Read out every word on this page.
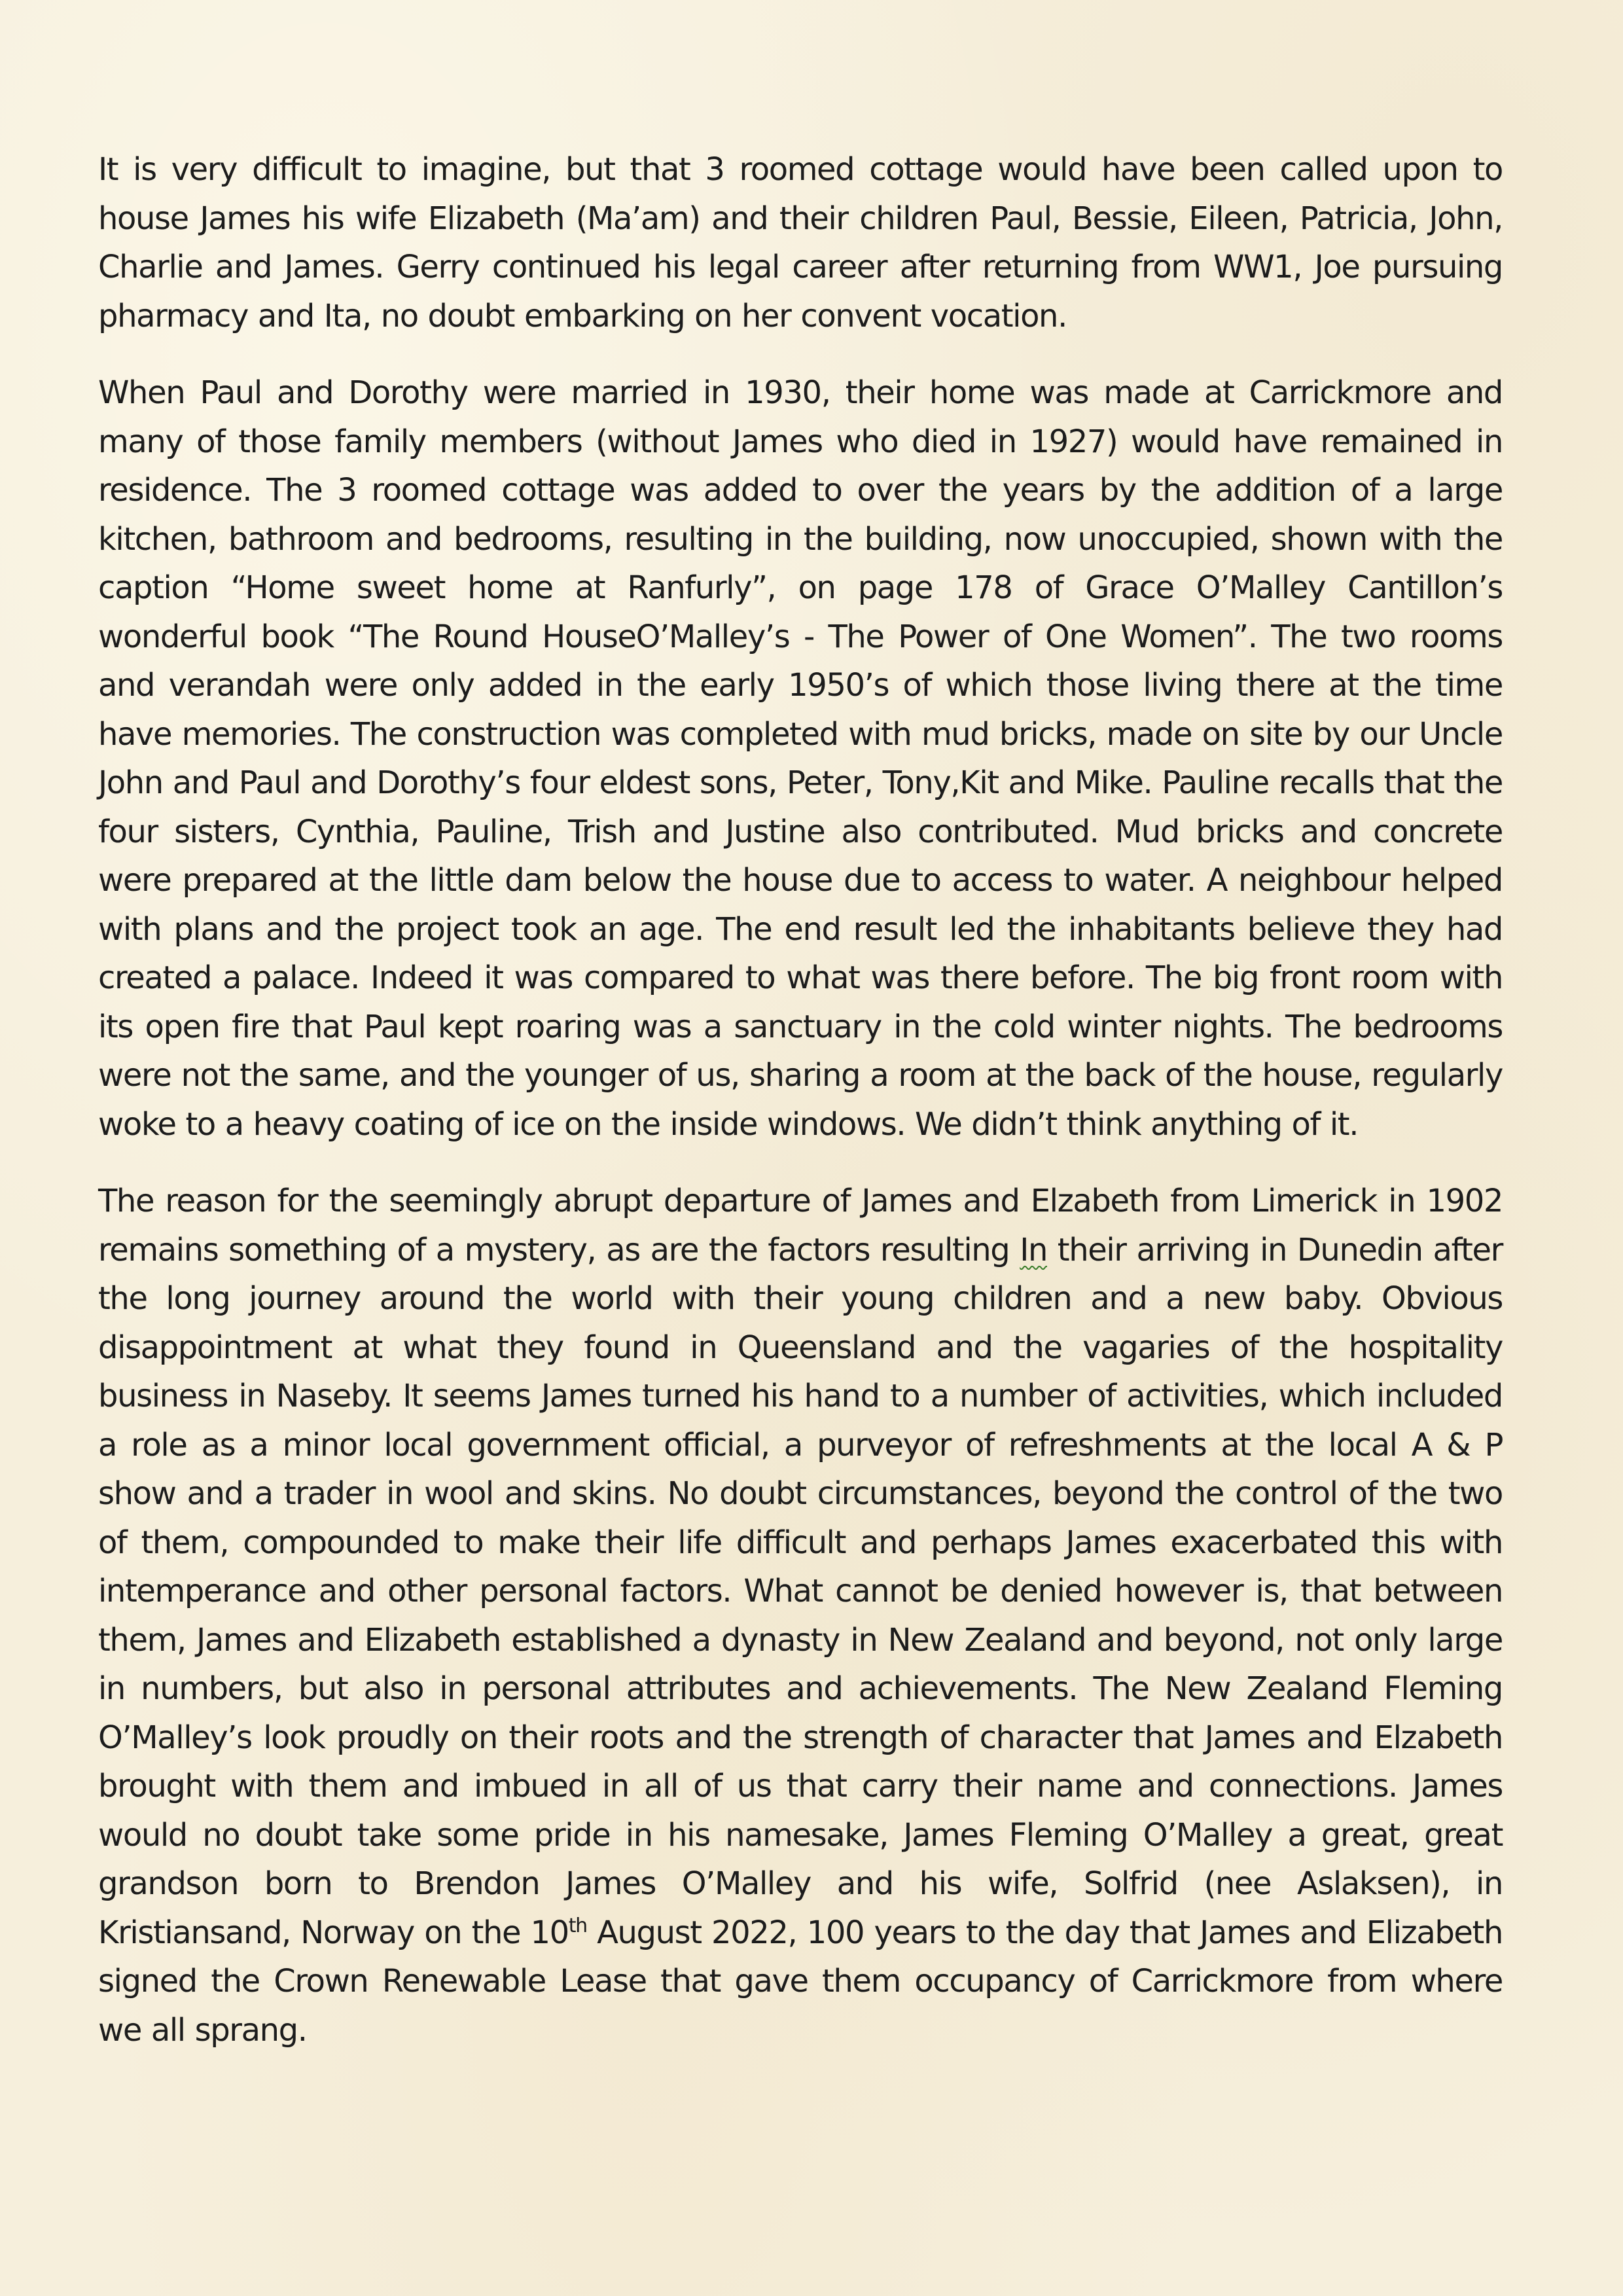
It is very difficult to imagine, but that 3 roomed cottage would have been called upon to house James his wife Elizabeth (Ma’am) and their children Paul, Bessie, Eileen, Patricia, John, Charlie and James. Gerry continued his legal career after returning from WW1, Joe pursuing pharmacy and Ita, no doubt embarking on her convent vocation.

When Paul and Dorothy were married in 1930, their home was made at Carrickmore and many of those family members (without James who died in 1927) would have remained in residence. The 3 roomed cottage was added to over the years by the addition of a large kitchen, bathroom and bedrooms, resulting in the building, now unoccupied, shown with the caption “Home sweet home at Ranfurly”, on page 178 of Grace O’Malley Cantillon’s wonderful book “The Round HouseO’Malley’s - The Power of One Women”. The two rooms and verandah were only added in the early 1950’s of which those living there at the time have memories. The construction was completed with mud bricks, made on site by our Uncle John and Paul and Dorothy’s four eldest sons, Peter, Tony,Kit and Mike. Pauline recalls that the four sisters, Cynthia, Pauline, Trish and Justine also contributed. Mud bricks and concrete were prepared at the little dam below the house due to access to water. A neighbour helped with plans and the project took an age. The end result led the inhabitants believe they had created a palace. Indeed it was compared to what was there before. The big front room with its open fire that Paul kept roaring was a sanctuary in the cold winter nights. The bedrooms were not the same, and the younger of us, sharing a room at the back of the house, regularly woke to a heavy coating of ice on the inside windows. We didn’t think anything of it.

The reason for the seemingly abrupt departure of James and Elzabeth from Limerick in 1902 remains something of a mystery, as are the factors resulting In their arriving in Dunedin after the long journey around the world with their young children and a new baby. Obvious disappointment at what they found in Queensland and the vagaries of the hospitality business in Naseby. It seems James turned his hand to a number of activities, which included a role as a minor local government official, a purveyor of refreshments at the local A & P show and a trader in wool and skins. No doubt circumstances, beyond the control of the two of them, compounded to make their life difficult and perhaps James exacerbated this with intemperance and other personal factors. What cannot be denied however is, that between them, James and Elizabeth established a dynasty in New Zealand and beyond, not only large in numbers, but also in personal attributes and achievements. The New Zealand Fleming O’Malley’s look proudly on their roots and the strength of character that James and Elzabeth brought with them and imbued in all of us that carry their name and connections. James would no doubt take some pride in his namesake, James Fleming O’Malley a great, great grandson born to Brendon James O’Malley and his wife, Solfrid (nee Aslaksen), in Kristiansand, Norway on the 10th August 2022, 100 years to the day that James and Elizabeth signed the Crown Renewable Lease that gave them occupancy of Carrickmore from where we all sprang.
